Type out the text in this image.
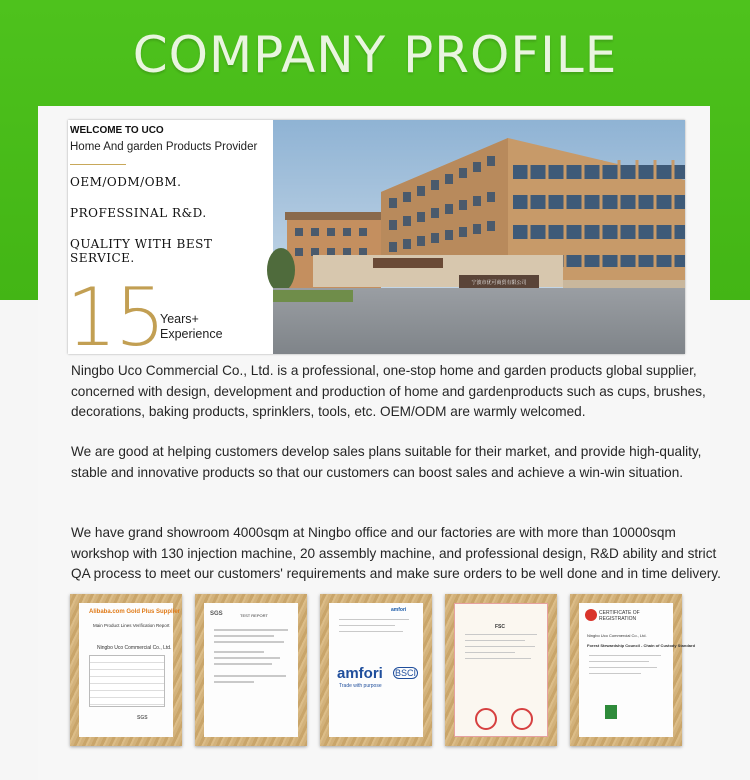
COMPANY PROFILE
WELCOME TO UCO
Home And garden Products Provider
OEM/ODM/OBM.
PROFESSINAL R&D.
QUALITY WITH BEST SERVICE.
15
Years+
Experience
宁波市优可商贸有限公司

Ningbo Uco Commercial Co., Ltd. is a professional, one-stop home and garden products global supplier, concerned with design, development and production of home and gardenproducts such as cups, brushes, decorations, baking products, sprinklers, tools, etc. OEM/ODM are warmly welcomed.

We are good at helping customers develop sales plans suitable for their market, and provide high-quality, stable and innovative products so that our customers can boost sales and achieve a win-win situation.

We have grand showroom 4000sqm at Ningbo office and our factories are with more than 10000sqm workshop with 130 injection machine, 20 assembly machine, and professional design, R&D ability and strict QA process to meet our customers' requirements and make sure orders to be well done and in time delivery.

Alibaba.com Gold Plus Supplier
Main Product Lines Verification Report
Ningbo Uco Commercial Co., Ltd.
SGS
SGS	TEST REPORT
amfori
amfori BSCI
Trade with purpose
FSC
CERTIFICATE OF REGISTRATION
Ningbo Uco Commercial Co., Ltd.
Forest Stewardship Council - Chain of Custody Standard
